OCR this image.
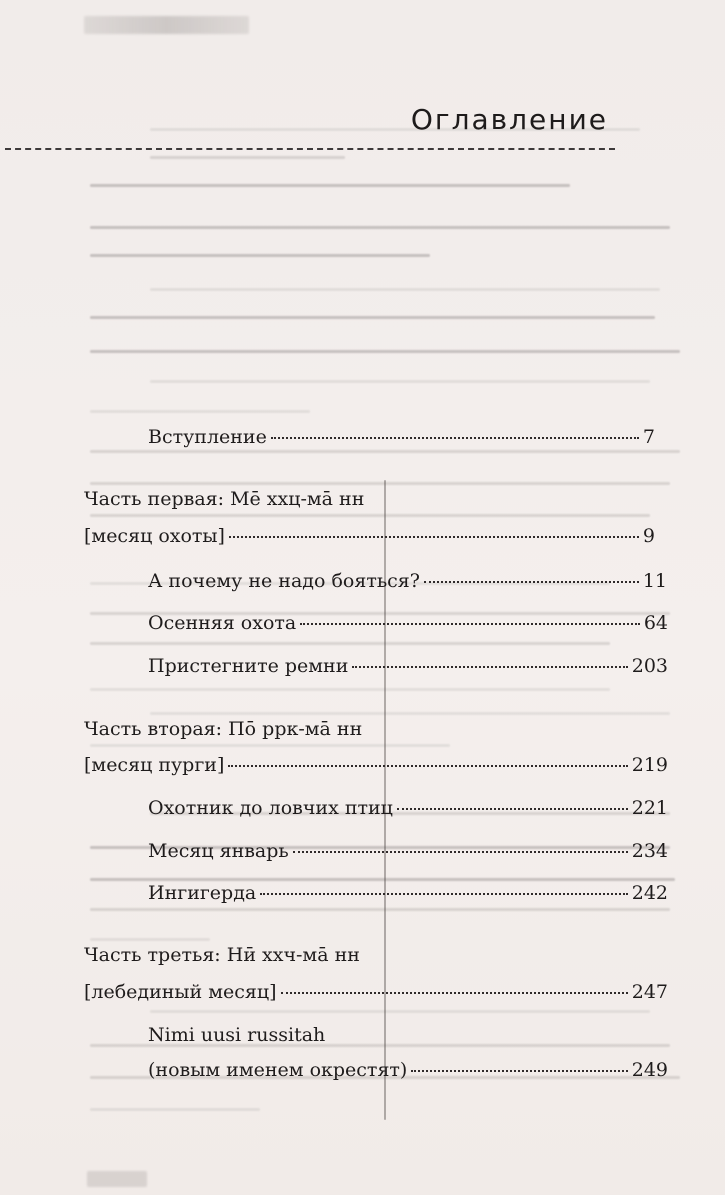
Оглавление
Вступление	7
Часть первая: Мē ххц-мā нн
[месяц охоты]	9
А почему не надо бояться?	11
Осенняя охота	64
Пристегните ремни	203
Часть вторая: Пō ррк-мā нн
[месяц пурги]	219
Охотник до ловчих птиц	221
Месяц январь	234
Ингигерда	242
Часть третья: Нӣ ххч-мā нн
[лебединый месяц]	247
Nimi uusi russitah
(новым именем окрестят)	249
